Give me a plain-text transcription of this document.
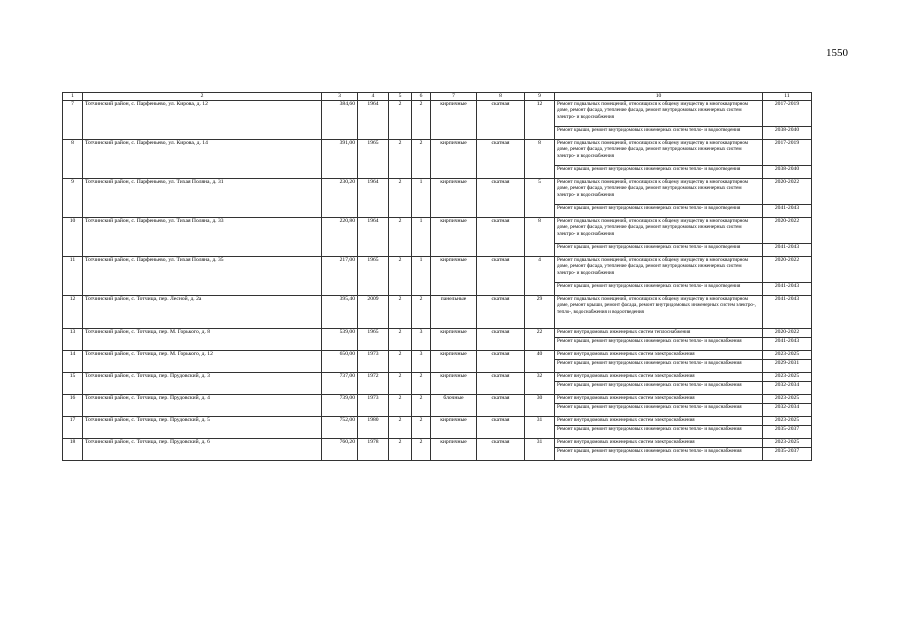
1550
1	2	3	4	5	6	7	8	9	10	11
7	Тотчинский район, с. Парфеньево, ул. Кирова, д. 12	384,60	1964	2	2	кирпичные	скатная	12	Ремонт подвальных помещений, относящихся к общему имуществу в многоквартирном доме, ремонт фасада, утепление фасада, ремонт внутридомовых инженерных систем электро- и водоснабжения	2017-2019
									Ремонт крыши, ремонт внутридомовых инженерных систем тепло- и водоотведения	2038-2040
8	Тотчинский район, с. Парфеньево, ул. Кирова, д. 14	391,00	1965	2	2	кирпичные	скатная	8	Ремонт подвальных помещений, относящихся к общему имуществу в многоквартирном доме, ремонт фасада, утепление фасада, ремонт внутридомовых инженерных систем электро- и водоснабжения	2017-2019
									Ремонт крыши, ремонт внутридомовых инженерных систем тепло- и водоотведения	2038-2040
9	Тотчинский район, с. Парфеньево, ул. Тихая Поляна, д. 31	230,20	1964	2	1	кирпичные	скатная	5	Ремонт подвальных помещений, относящихся к общему имуществу в многоквартирном доме, ремонт фасада, утепление фасада, ремонт внутридомовых инженерных систем электро- и водоснабжения	2020-2022
									Ремонт крыши, ремонт внутридомовых инженерных систем тепло- и водоотведения	2041-2043
10	Тотчинский район, с. Парфеньево, ул. Тихая Поляна, д. 33	220,80	1964	2	1	кирпичные	скатная	8	Ремонт подвальных помещений, относящихся к общему имуществу в многоквартирном доме, ремонт фасада, утепление фасада, ремонт внутридомовых инженерных систем электро- и водоснабжения	2020-2022
									Ремонт крыши, ремонт внутридомовых инженерных систем тепло- и водоотведения	2041-2043
11	Тотчинский район, с. Парфеньево, ул. Тихая Поляна, д. 35	217,00	1965	2	1	кирпичные	скатная	4	Ремонт подвальных помещений, относящихся к общему имуществу в многоквартирном доме, ремонт фасада, утепление фасада, ремонт внутридомовых инженерных систем электро- и водоснабжения	2020-2022
									Ремонт крыши, ремонт внутридомовых инженерных систем тепло- и водоотведения	2041-2043
12	Тотчинский район, с. Тотчица, пер. Лесной, д. 2а	395,40	2009	2	2	панельные	скатная	29	Ремонт подвальных помещений, относящихся к общему имуществу в многоквартирном доме, ремонт крыши, ремонт фасада, ремонт внутридомовых инженерных систем электро-, тепло-, водоснабжения и водоотведения	2041-2043
13	Тотчинский район, с. Тотчица, пер. М. Горького, д. 8	539,00	1965	2	3	кирпичные	скатная	22	Ремонт внутридомовых инженерных систем теплоснабжения	2020-2022
									Ремонт крыши, ремонт внутридомовых инженерных систем тепло- и водоснабжения	2041-2043
14	Тотчинский район, с. Тотчица, пер. М. Горького, д. 12	650,00	1973	2	3	кирпичные	скатная	40	Ремонт внутридомовых инженерных систем электроснабжения	2023-2025
									Ремонт крыши, ремонт внутридомовых инженерных систем тепло- и водоснабжения	2029-2031
15	Тотчинский район, с. Тотчица, пер. Прудовский, д. 3	737,00	1972	2	2	кирпичные	скатная	32	Ремонт внутридомовых инженерных систем электроснабжения	2023-2025
									Ремонт крыши, ремонт внутридомовых инженерных систем тепло- и водоснабжения	2032-2034
16	Тотчинский район, с. Тотчица, пер. Прудовский, д. 4	739,00	1973	2	2	блочные	скатная	30	Ремонт внутридомовых инженерных систем электроснабжения	2023-2025
									Ремонт крыши, ремонт внутридомовых инженерных систем тепло- и водоснабжения	2032-2034
17	Тотчинский район, с. Тотчица, пер. Прудовский, д. 5	752,00	1980	2	2	кирпичные	скатная	31	Ремонт внутридомовых инженерных систем электроснабжения	2023-2025
									Ремонт крыши, ремонт внутридомовых инженерных систем тепло- и водоснабжения	2035-2037
18	Тотчинский район, с. Тотчица, пер. Прудовский, д. 6	760,20	1978	2	2	кирпичные	скатная	31	Ремонт внутридомовых инженерных систем электроснабжения	2023-2025
									Ремонт крыши, ремонт внутридомовых инженерных систем тепло- и водоснабжения	2035-2037
